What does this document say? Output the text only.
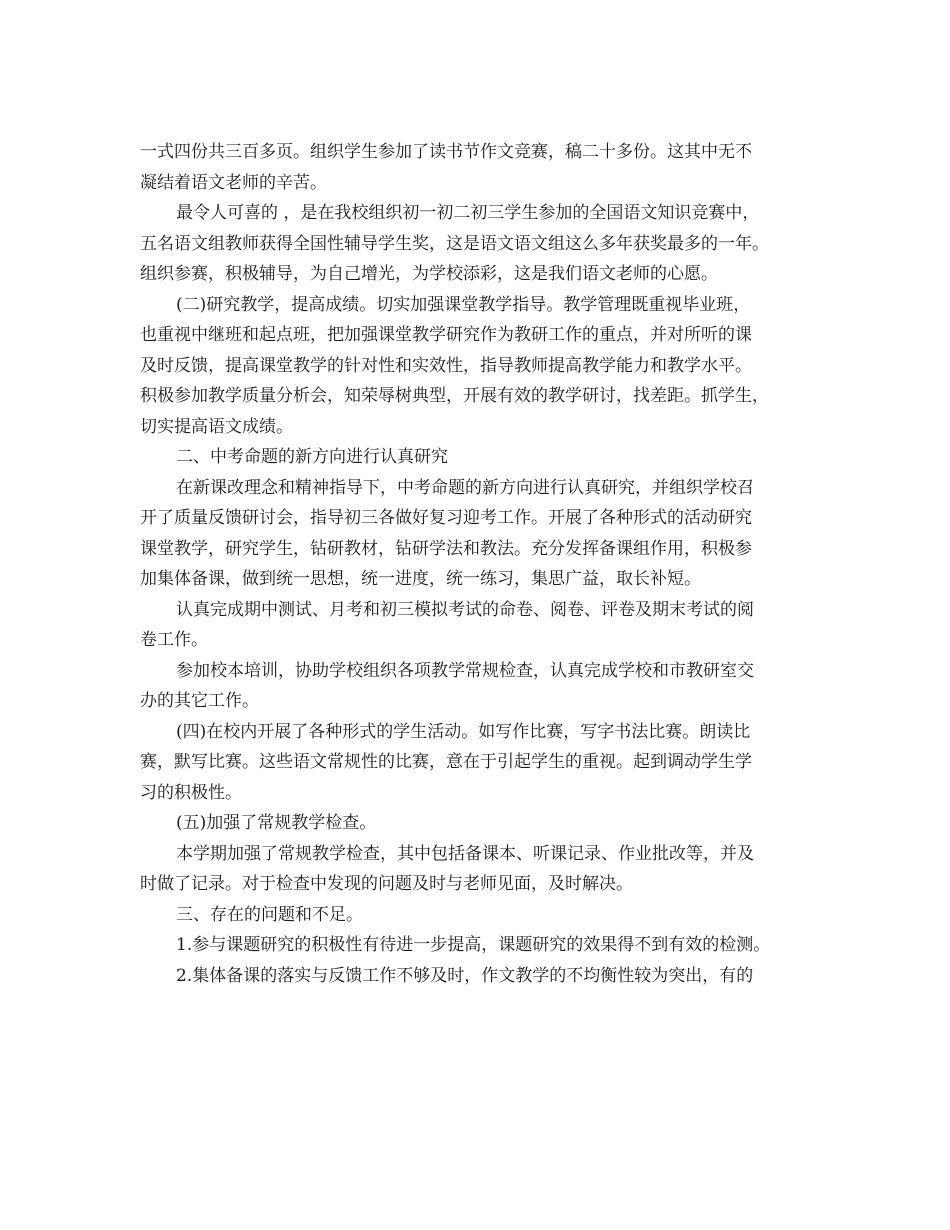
一式四份共三百多页。组织学生参加了读书节作文竞赛，稿二十多份。这其中无不

凝结着语文老师的辛苦。

最令人可喜的 ，是在我校组织初一初二初三学生参加的全国语文知识竞赛中，

五名语文组教师获得全国性辅导学生奖，这是语文语文组这么多年获奖最多的一年。

组织参赛，积极辅导，为自己增光，为学校添彩，这是我们语文老师的心愿。

(二)研究教学，提高成绩。切实加强课堂教学指导。教学管理既重视毕业班，

也重视中继班和起点班，把加强课堂教学研究作为教研工作的重点，并对所听的课

及时反馈，提高课堂教学的针对性和实效性，指导教师提高教学能力和教学水平。

积极参加教学质量分析会，知荣辱树典型，开展有效的教学研讨，找差距。抓学生，

切实提高语文成绩。

二、中考命题的新方向进行认真研究

在新课改理念和精神指导下，中考命题的新方向进行认真研究，并组织学校召

开了质量反馈研讨会，指导初三各做好复习迎考工作。开展了各种形式的活动研究

课堂教学，研究学生，钻研教材，钻研学法和教法。充分发挥备课组作用，积极参

加集体备课，做到统一思想，统一进度，统一练习，集思广益，取长补短。

认真完成期中测试、月考和初三模拟考试的命卷、阅卷、评卷及期末考试的阅

卷工作。

参加校本培训，协助学校组织各项教学常规检查，认真完成学校和市教研室交

办的其它工作。

(四)在校内开展了各种形式的学生活动。如写作比赛，写字书法比赛。朗读比

赛，默写比赛。这些语文常规性的比赛，意在于引起学生的重视。起到调动学生学

习的积极性。

(五)加强了常规教学检查。

本学期加强了常规教学检查，其中包括备课本、听课记录、作业批改等，并及

时做了记录。对于检查中发现的问题及时与老师见面，及时解决。

三、存在的问题和不足。

1.参与课题研究的积极性有待进一步提高，课题研究的效果得不到有效的检测。

2.集体备课的落实与反馈工作不够及时，作文教学的不均衡性较为突出，有的
